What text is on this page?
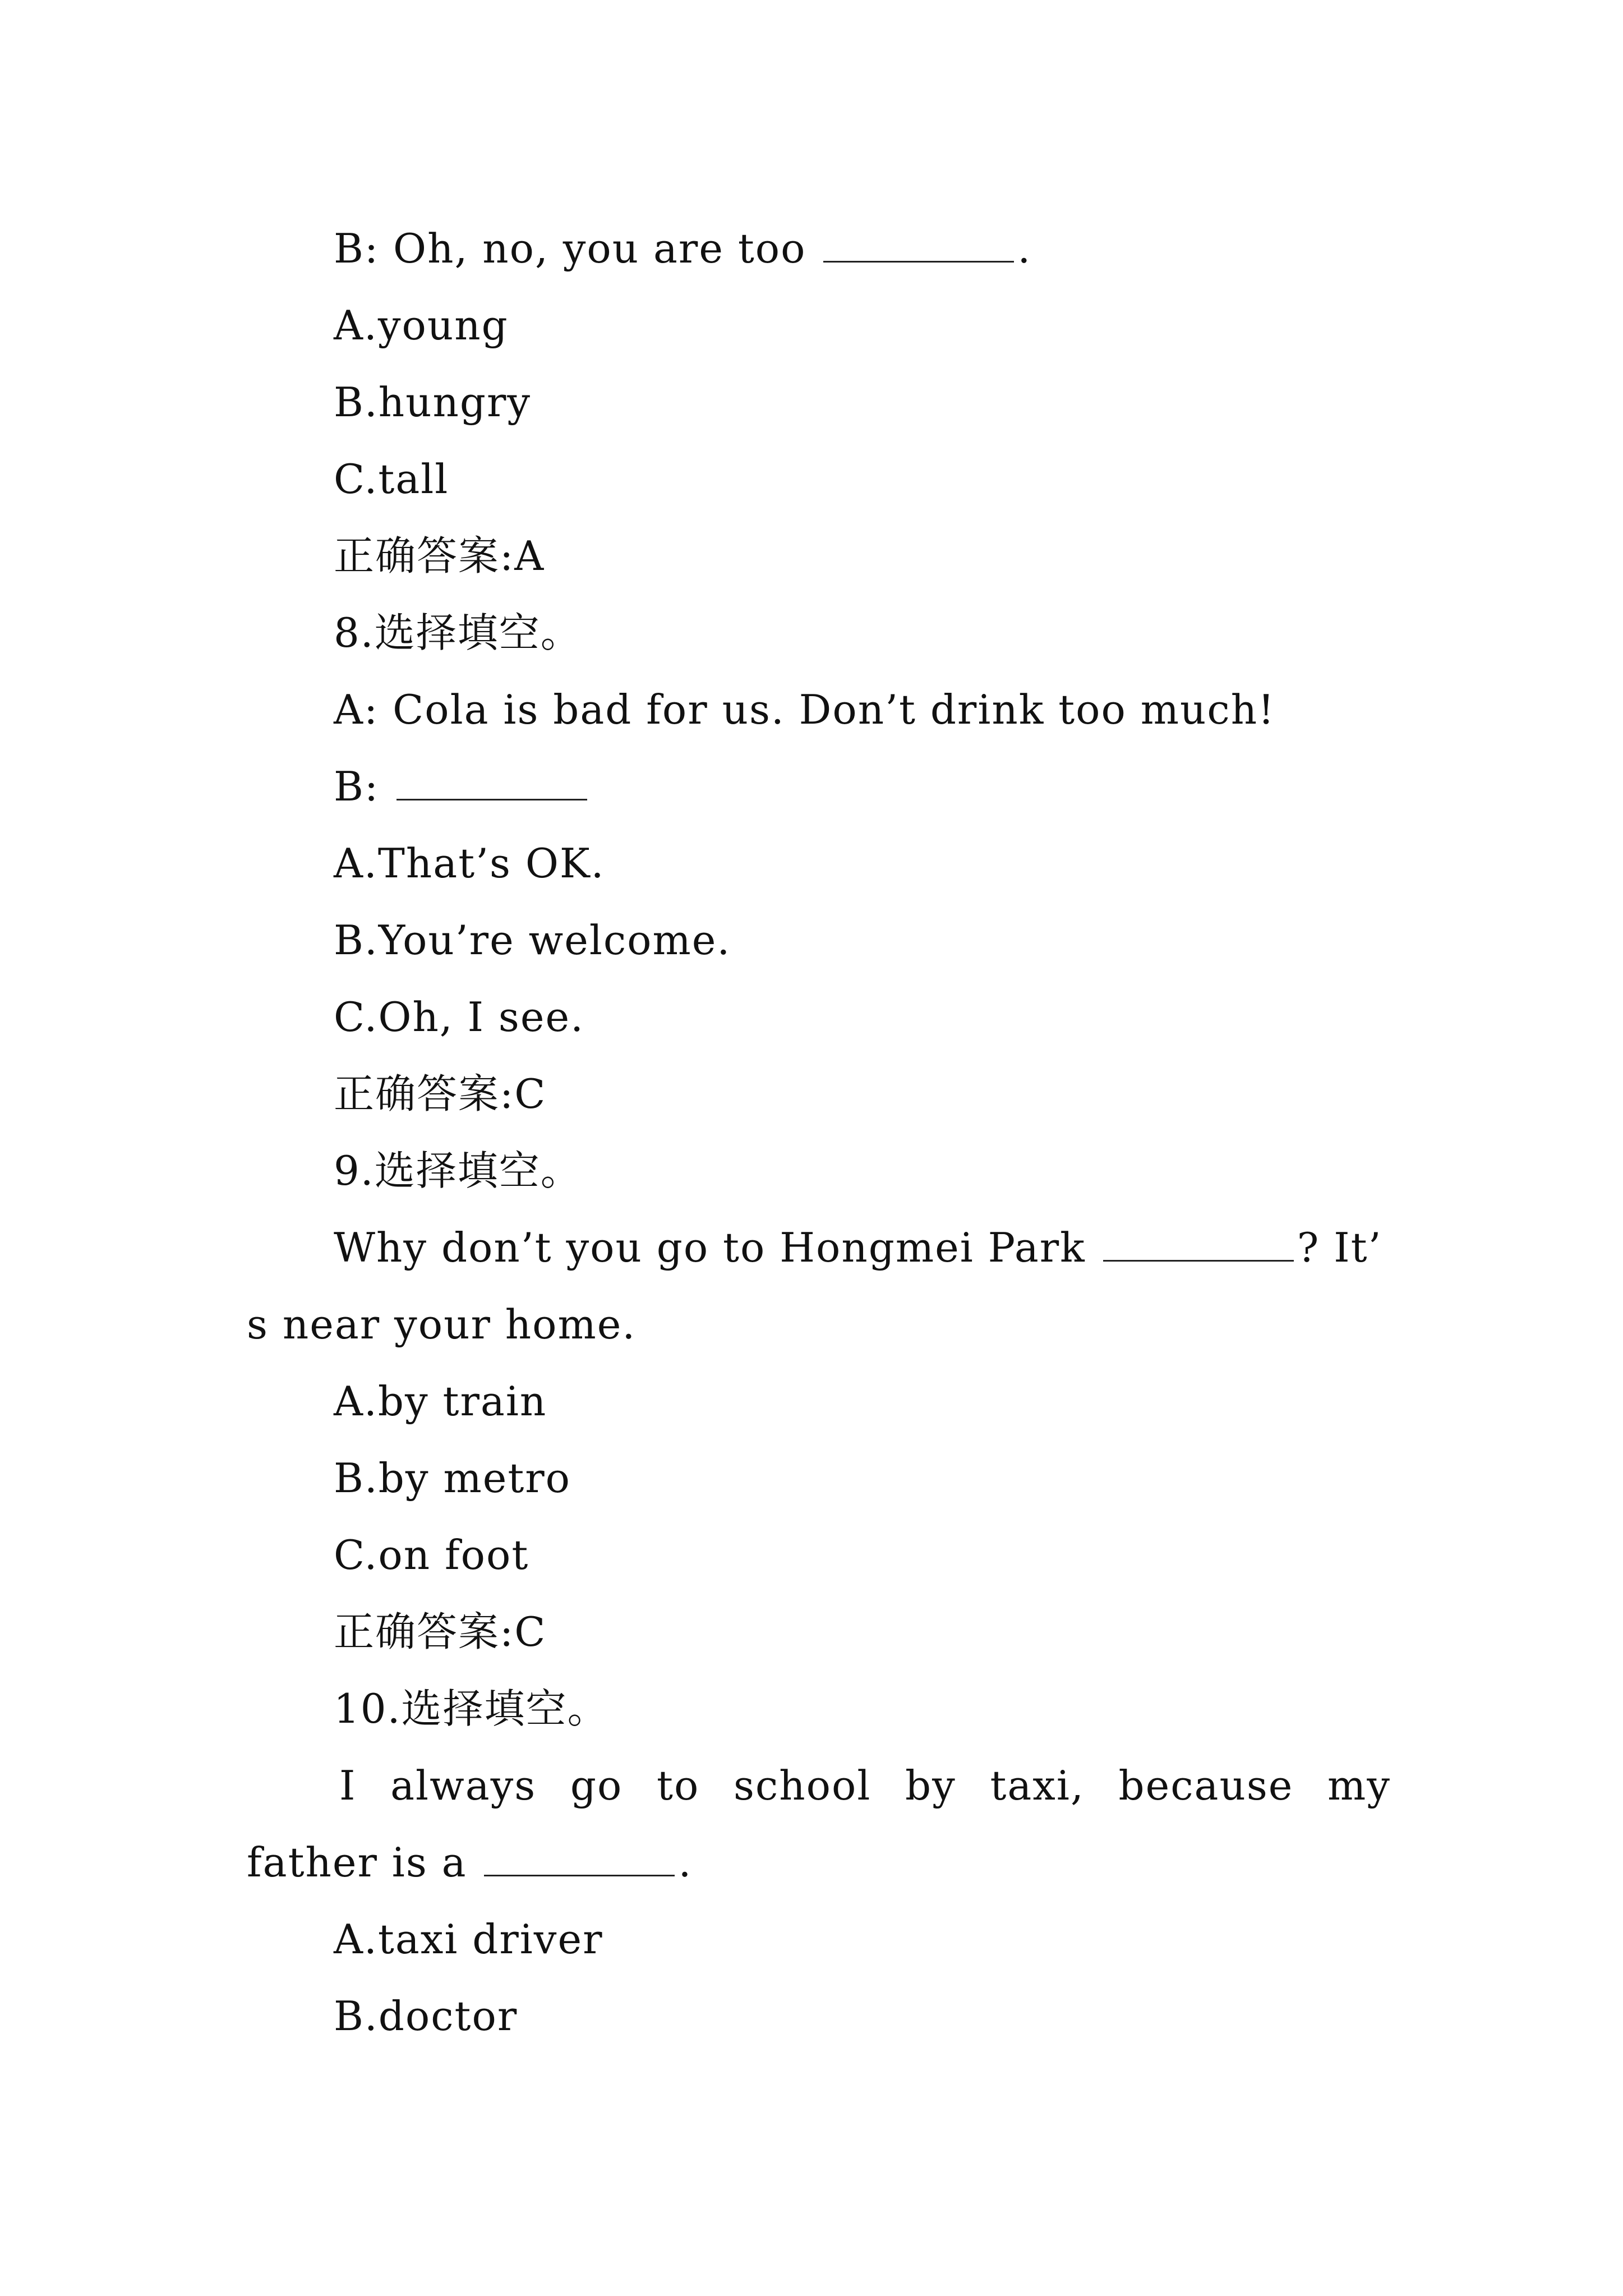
B: Oh, no, you are too	.
A.young
B.hungry
C.tall
正确答案:A
8.选择填空。
A: Cola is bad for us. Don’t drink too much!
B:
A.That’s OK.
B.You’re welcome.
C.Oh, I see.
正确答案:C
9.选择填空。
Why don’t you go to Hongmei Park	? It’
s near your home.
A.by train
B.by metro
C.on foot
正确答案:C
10.选择填空。
I always go to school by taxi, because my
father is a	.
A.taxi driver
B.doctor
